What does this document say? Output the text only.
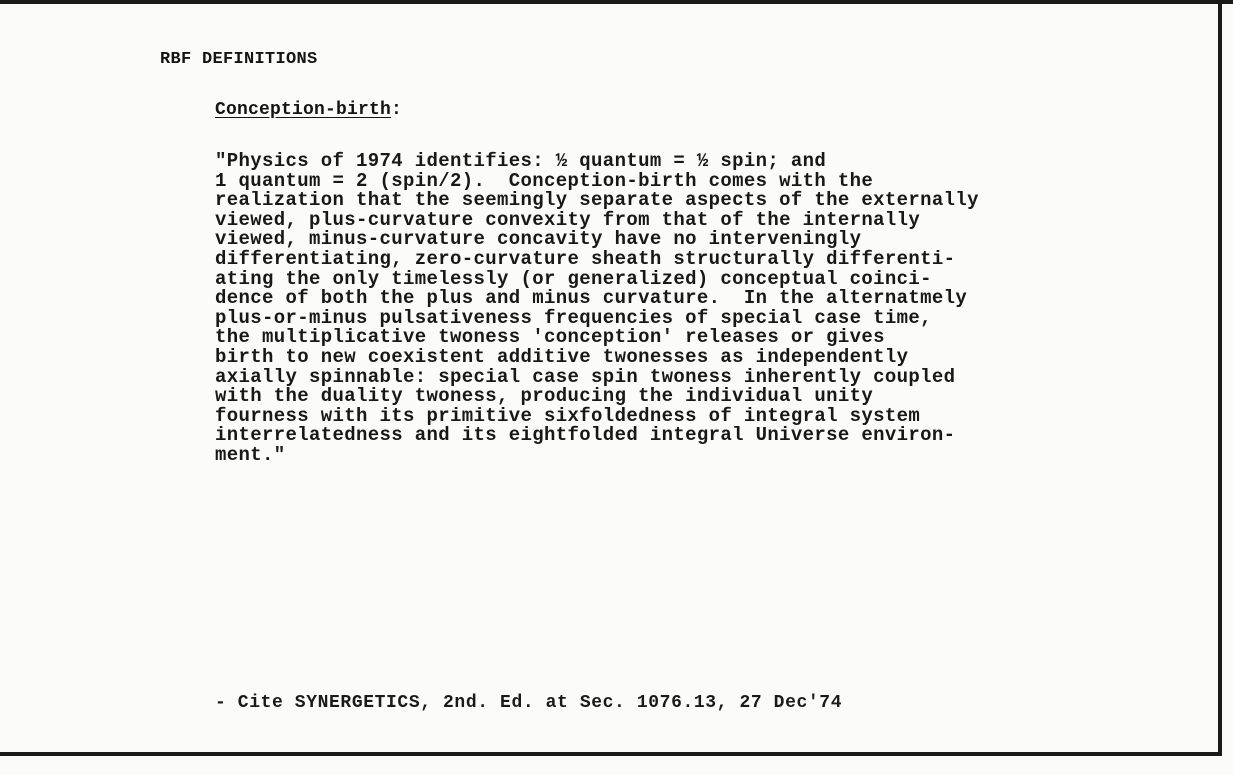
RBF DEFINITIONS
Conception-birth:
"Physics of 1974 identifies: ½ quantum = ½ spin; and
1 quantum = 2 (spin/2).  Conception-birth comes with the
realization that the seemingly separate aspects of the externally
viewed, plus-curvature convexity from that of the internally
viewed, minus-curvature concavity have no interveningly
differentiating, zero-curvature sheath structurally differenti-
ating the only timelessly (or generalized) conceptual coinci-
dence of both the plus and minus curvature.  In the alternatmely
plus-or-minus pulsativeness frequencies of special case time,
the multiplicative twoness 'conception' releases or gives
birth to new coexistent additive twonesses as independently
axially spinnable: special case spin twoness inherently coupled
with the duality twoness, producing the individual unity
fourness with its primitive sixfoldedness of integral system
interrelatedness and its eightfolded integral Universe environ-
ment."
- Cite SYNERGETICS, 2nd. Ed. at Sec. 1076.13, 27 Dec'74
